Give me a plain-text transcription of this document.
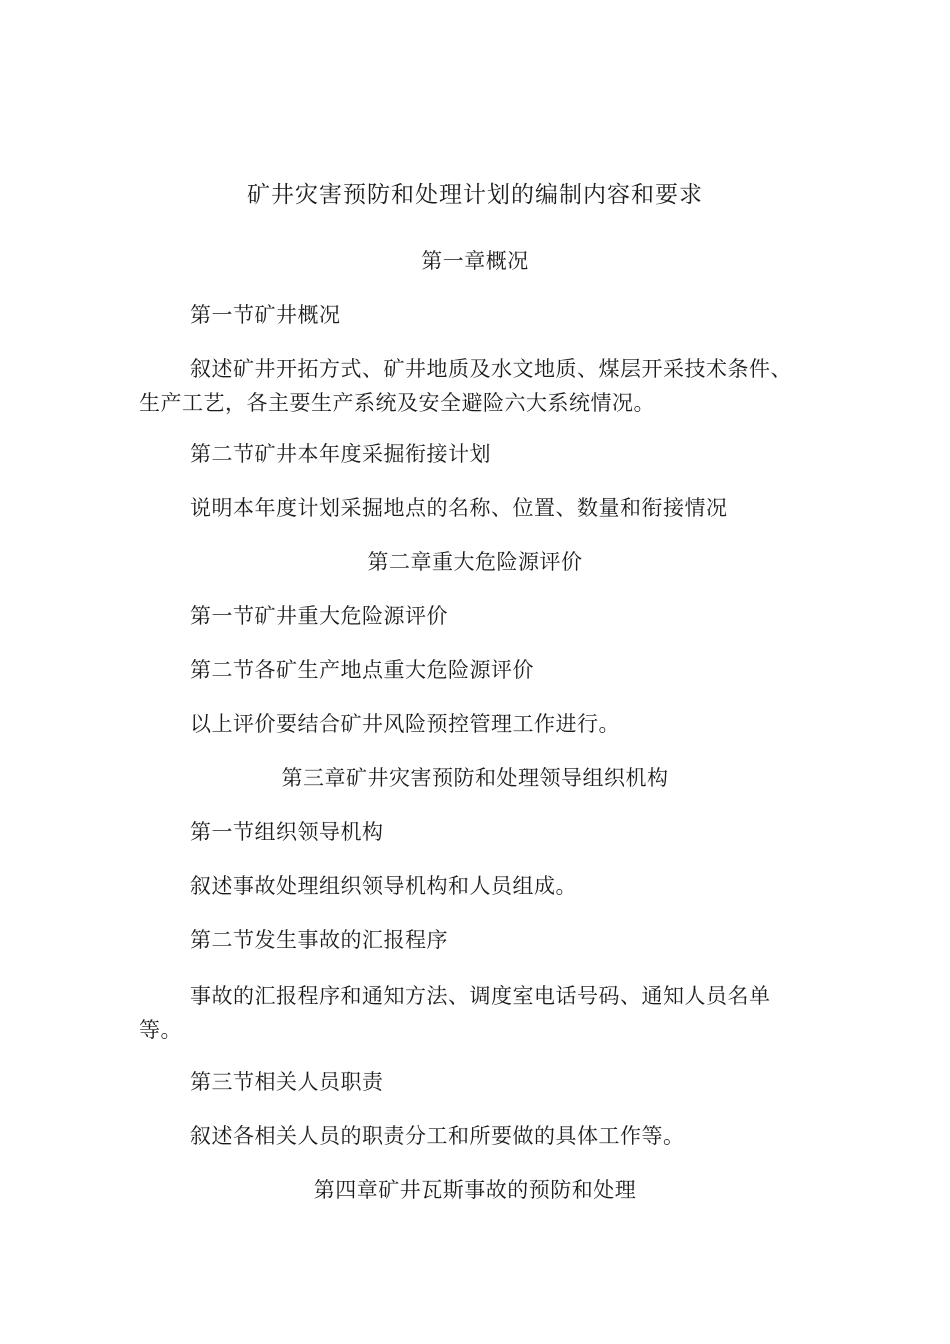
矿井灾害预防和处理计划的编制内容和要求
第一章概况
第一节矿井概况
叙述矿井开拓方式、矿井地质及水文地质、煤层开采技术条件、
生产工艺，各主要生产系统及安全避险六大系统情况。
第二节矿井本年度采掘衔接计划
说明本年度计划采掘地点的名称、位置、数量和衔接情况
第二章重大危险源评价
第一节矿井重大危险源评价
第二节各矿生产地点重大危险源评价
以上评价要结合矿井风险预控管理工作进行。
第三章矿井灾害预防和处理领导组织机构
第一节组织领导机构
叙述事故处理组织领导机构和人员组成。
第二节发生事故的汇报程序
事故的汇报程序和通知方法、调度室电话号码、通知人员名单
等。
第三节相关人员职责
叙述各相关人员的职责分工和所要做的具体工作等。
第四章矿井瓦斯事故的预防和处理
